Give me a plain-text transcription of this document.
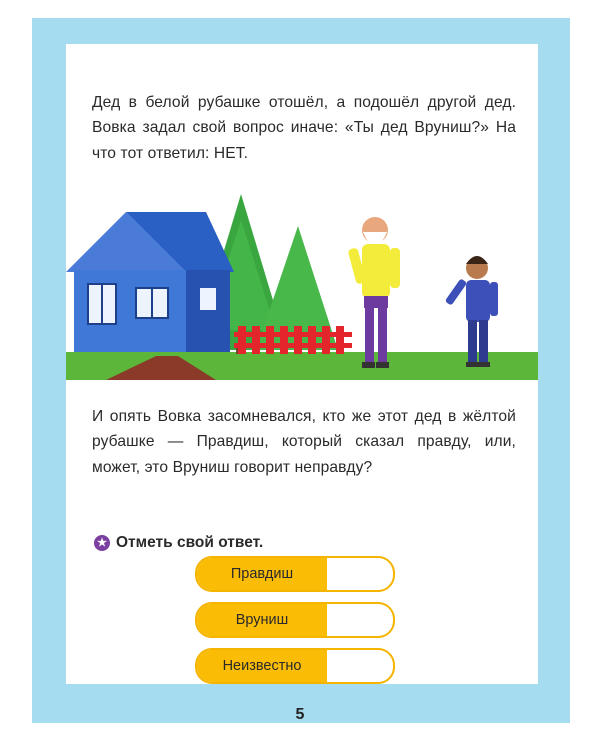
Дед в белой рубашке отошёл, а подошёл другой дед. Вовка задал свой вопрос иначе: «Ты дед Вруниш?» На что тот ответил: НЕТ.

И опять Вовка засомневался, кто же этот дед в жёлтой рубашке — Правдиш, который сказал правду, или, может, это Вруниш говорит неправду?

★ Отметь свой ответ.
Правдиш
Вруниш
Неизвестно
5
